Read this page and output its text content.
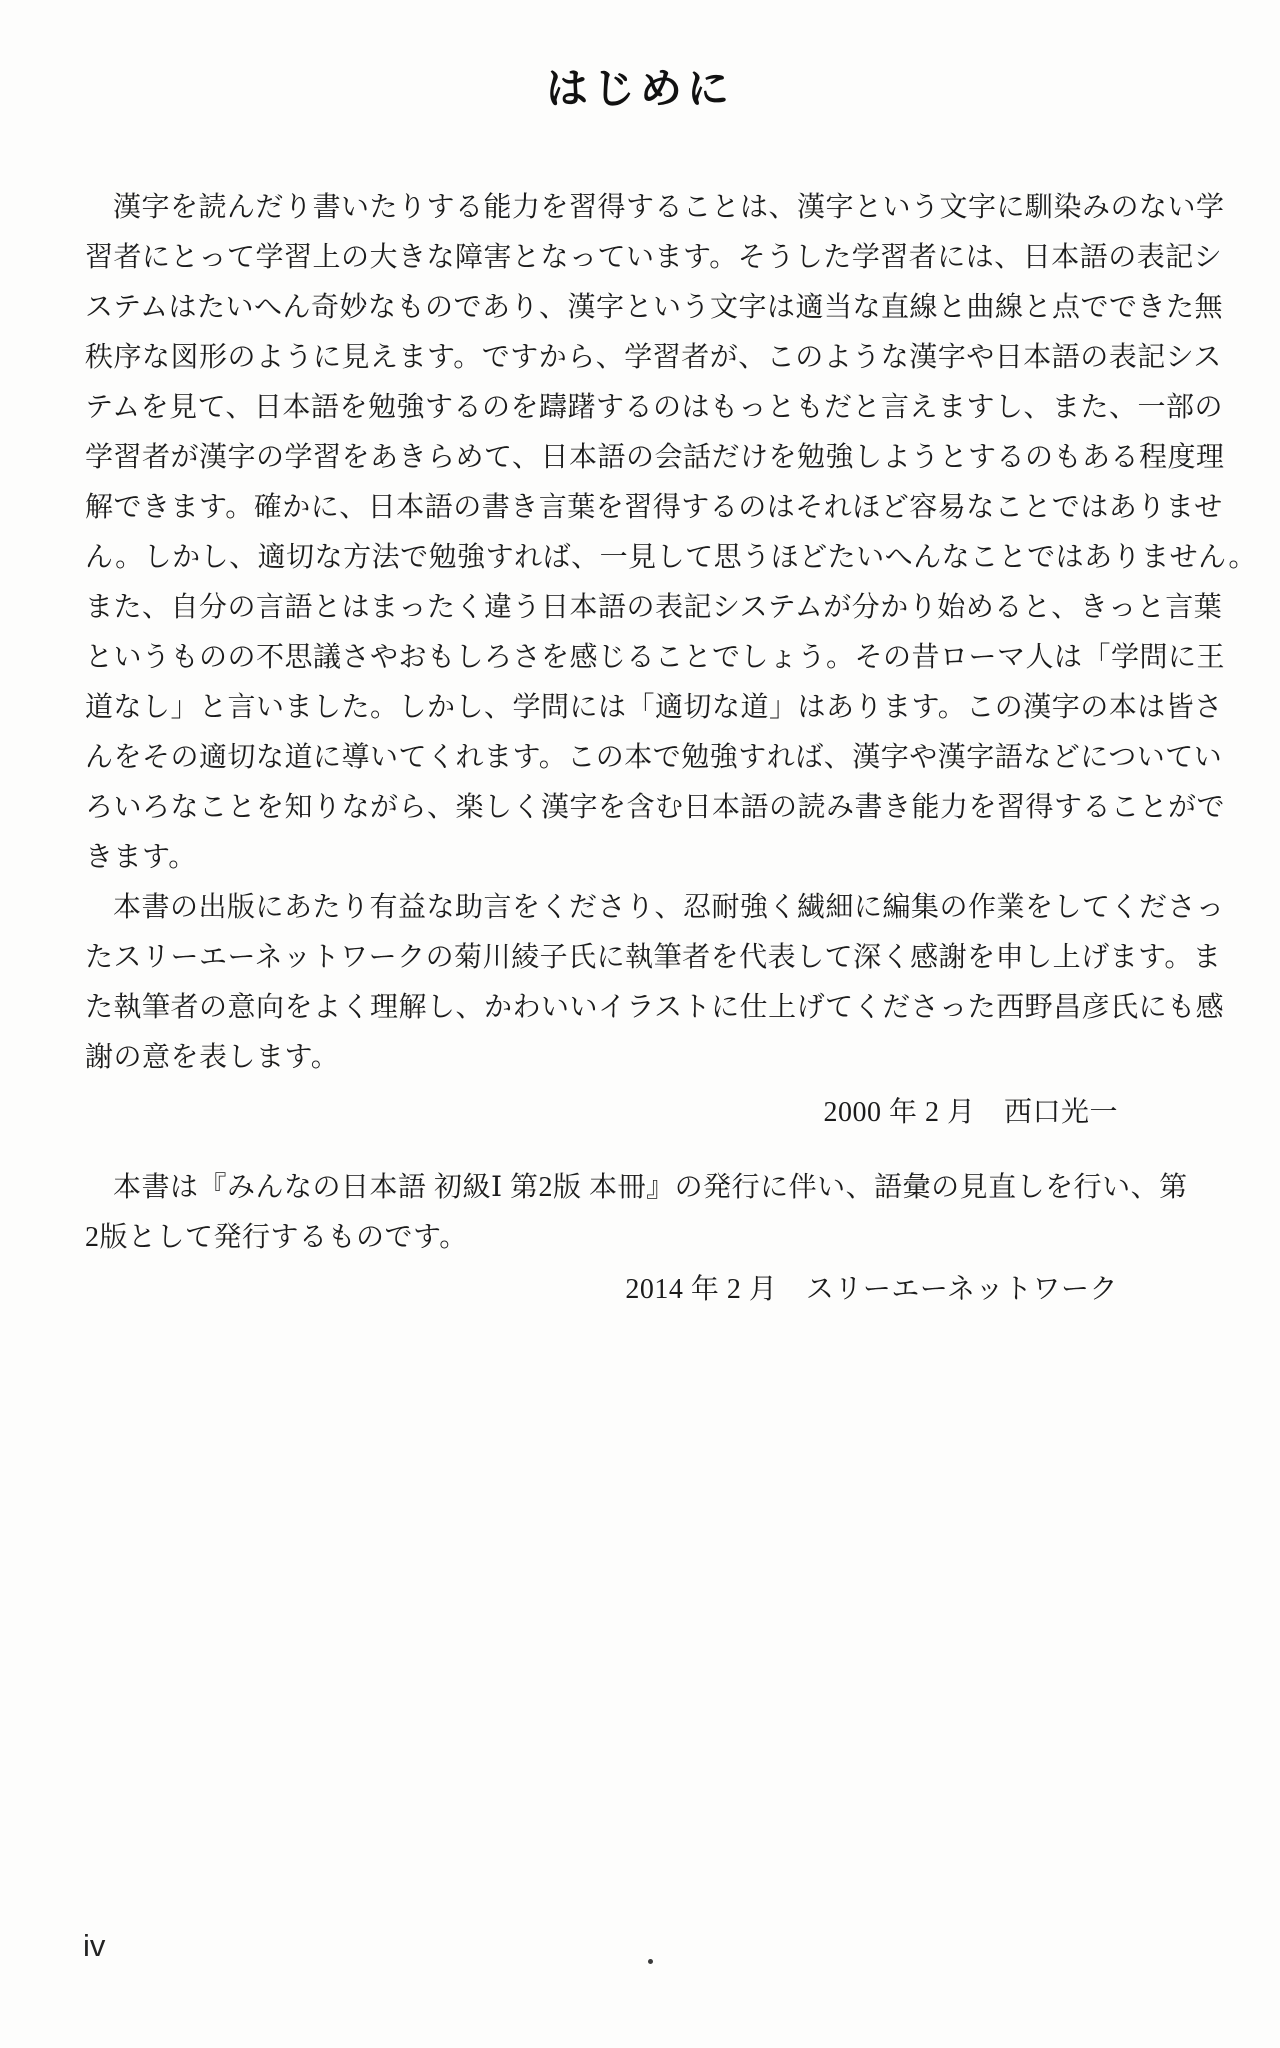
はじめに
漢字を読んだり書いたりする能力を習得することは、漢字という文字に馴染みのない学
習者にとって学習上の大きな障害となっています。そうした学習者には、日本語の表記シ
ステムはたいへん奇妙なものであり、漢字という文字は適当な直線と曲線と点でできた無
秩序な図形のように見えます。ですから、学習者が、このような漢字や日本語の表記シス
テムを見て、日本語を勉強するのを躊躇するのはもっともだと言えますし、また、一部の
学習者が漢字の学習をあきらめて、日本語の会話だけを勉強しようとするのもある程度理
解できます。確かに、日本語の書き言葉を習得するのはそれほど容易なことではありませ
ん。しかし、適切な方法で勉強すれば、一見して思うほどたいへんなことではありません。
また、自分の言語とはまったく違う日本語の表記システムが分かり始めると、きっと言葉
というものの不思議さやおもしろさを感じることでしょう。その昔ローマ人は「学問に王
道なし」と言いました。しかし、学問には「適切な道」はあります。この漢字の本は皆さ
んをその適切な道に導いてくれます。この本で勉強すれば、漢字や漢字語などについてい
ろいろなことを知りながら、楽しく漢字を含む日本語の読み書き能力を習得することがで
きます。
本書の出版にあたり有益な助言をくださり、忍耐強く繊細に編集の作業をしてくださっ
たスリーエーネットワークの菊川綾子氏に執筆者を代表して深く感謝を申し上げます。ま
た執筆者の意向をよく理解し、かわいいイラストに仕上げてくださった西野昌彦氏にも感
謝の意を表します。
2000 年 2 月　西口光一
本書は『みんなの日本語 初級Ⅰ 第2版 本冊』の発行に伴い、語彙の見直しを行い、第
2版として発行するものです。
2014 年 2 月　スリーエーネットワーク
iv
